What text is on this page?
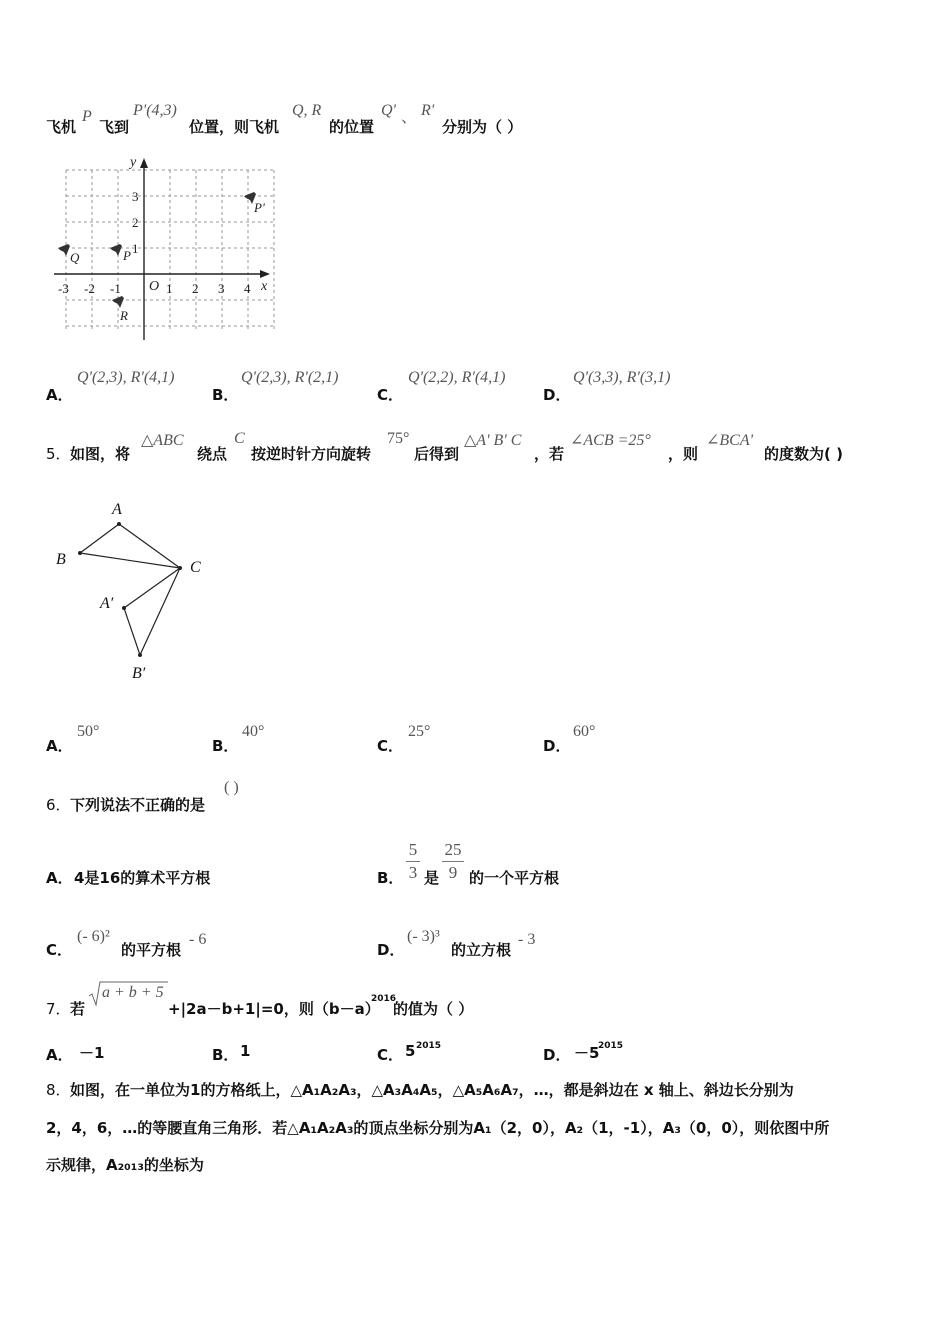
飞机
P
飞到
P'(4,3)
位置，则飞机
Q, R
的位置
Q' 、 R'
分别为（ ）
x
y
O
-3 -2 -1	1 2 3 4
3
2
1
Q	P
R
P'
A．
Q'(2,3), R'(4,1)
B．
Q'(2,3), R'(2,1)
C．
Q'(2,2), R'(4,1)
D．
Q'(3,3), R'(3,1)
5． 如图，将
△ABC
绕点
C
按逆时针方向旋转
75°
后得到
△A' B' C
，若
∠ACB =25°
，则
∠BCA'
的度数为( )
A
B	C
A′
B′
A．
50°
B．
40°
C．
25°
D．
60°
6． 下列说法不正确的是
( )
A． 4是16的算术平方根	B．
5
3 是
25
9 的一个平方根
C．
(- 6)²
的平方根
- 6
D．
(- 3)³
的立方根
- 3
7． 若
a + b + 5
+|2a－b+1|=0，则（b－a）
2016
的值为（ ）
A． －1	B． 1	C． 5 2015	D． －5
2015
8． 如图，在一单位为1的方格纸上，△A₁A₂A₃，△A₃A₄A₅，△A₅A₆A₇，…，都是斜边在 x 轴上、斜边长分别为
2，4，6，…的等腰直角三角形．若△A₁A₂A₃的顶点坐标分别为A₁（2，0），A₂（1，-1），A₃（0，0），则依图中所
示规律，A₂₀₁₃的坐标为
